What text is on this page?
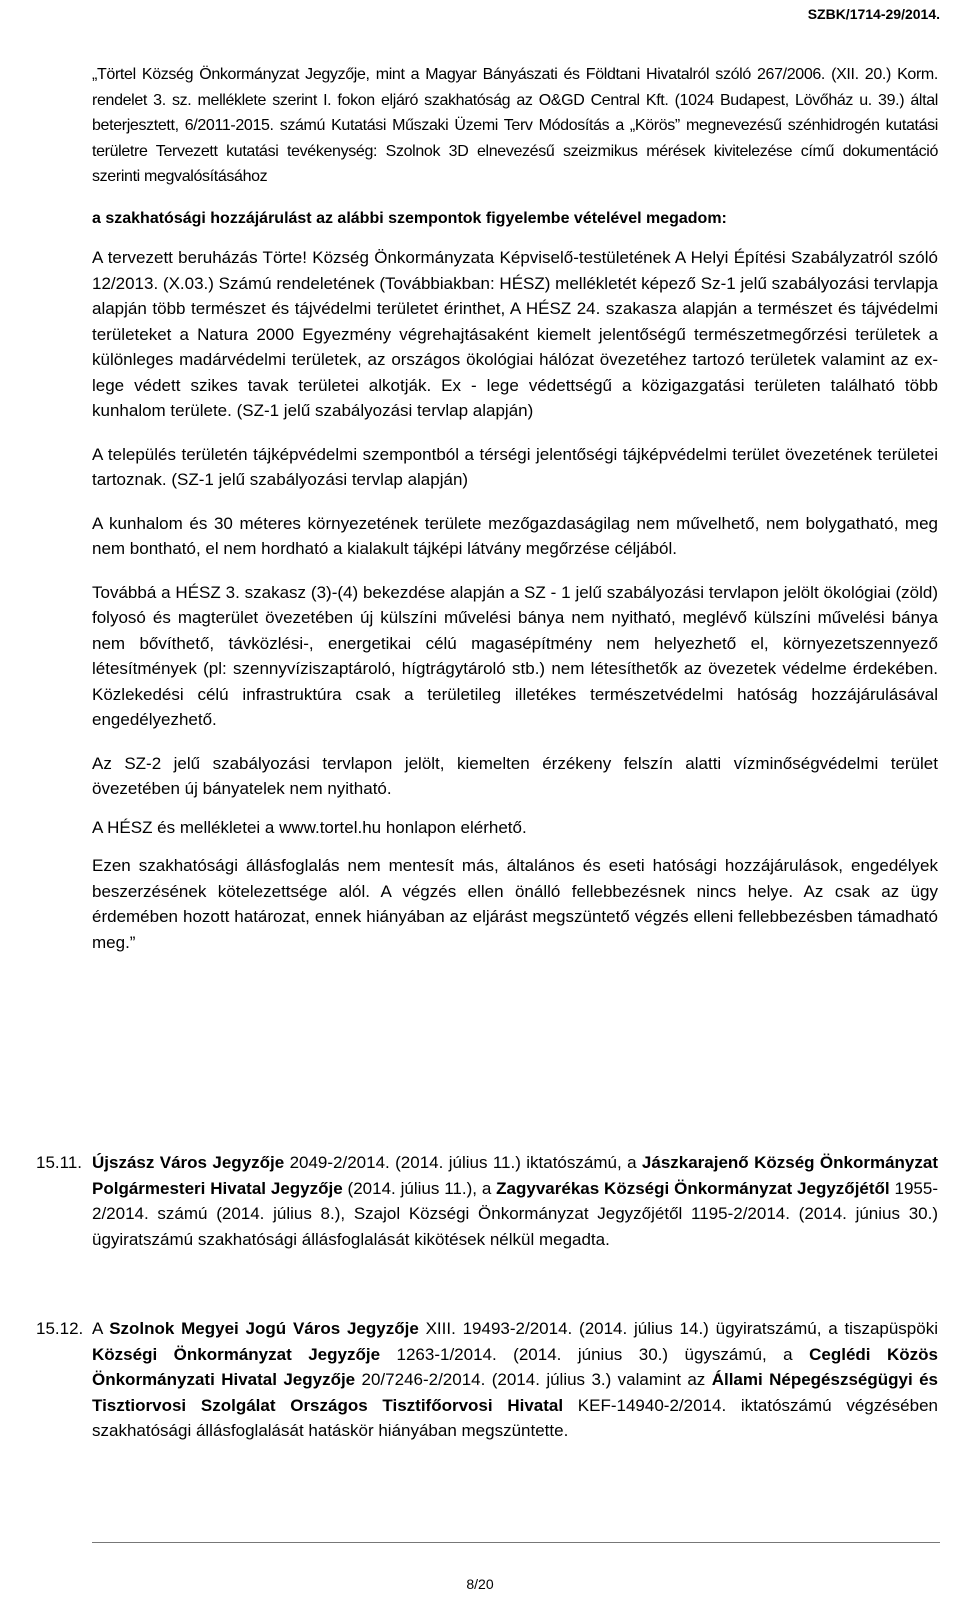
SZBK/1714-29/2014.

„Törtel Község Önkormányzat Jegyzője, mint a Magyar Bányászati és Földtani Hivatalról szóló 267/2006. (XII. 20.) Korm. rendelet 3. sz. melléklete szerint I. fokon eljáró szakhatóság az O&GD Central Kft. (1024 Budapest, Lövőház u. 39.) által beterjesztett, 6/2011-2015. számú Kutatási Műszaki Üzemi Terv Módosítás a „Körös” megnevezésű szénhidrogén kutatási területre Tervezett kutatási tevékenység: Szolnok 3D elnevezésű szeizmikus mérések kivitelezése című dokumentáció szerinti megvalósításához

a szakhatósági hozzájárulást az alábbi szempontok figyelembe vételével megadom:

A tervezett beruházás Törte! Község Önkormányzata Képviselő-testületének A Helyi Építési Szabályzatról szóló 12/2013. (X.03.) Számú rendeletének (Továbbiakban: HÉSZ) mellékletét képező Sz-1 jelű szabályozási tervlapja alapján több természet és tájvédelmi területet érinthet, A HÉSZ 24. szakasza alapján a természet és tájvédelmi területeket a Natura 2000 Egyezmény végrehajtásaként kiemelt jelentőségű természetmegőrzési területek a különleges madárvédelmi területek, az országos ökológiai hálózat övezetéhez tartozó területek valamint az ex-lege védett szikes tavak területei alkotják. Ex - lege védettségű a közigazgatási területen található több kunhalom területe. (SZ-1 jelű szabályozási tervlap alapján)

A település területén tájképvédelmi szempontból a térségi jelentőségi tájképvédelmi terület övezetének területei tartoznak. (SZ-1 jelű szabályozási tervlap alapján)

A kunhalom és 30 méteres környezetének területe mezőgazdaságilag nem művelhető, nem bolygatható, meg nem bontható, el nem hordható a kialakult tájképi látvány megőrzése céljából.

Továbbá a HÉSZ 3. szakasz (3)-(4) bekezdése alapján a SZ - 1 jelű szabályozási tervlapon jelölt ökológiai (zöld) folyosó és magterület övezetében új külszíni művelési bánya nem nyitható, meglévő külszíni művelési bánya nem bővíthető, távközlési-, energetikai célú magasépítmény nem helyezhető el, környezetszennyező létesítmények (pl: szennyvíziszaptároló, hígtrágytároló stb.) nem létesíthetők az övezetek védelme érdekében. Közlekedési célú infrastruktúra csak a területileg illetékes természetvédelmi hatóság hozzájárulásával engedélyezhető.

Az SZ-2 jelű szabályozási tervlapon jelölt, kiemelten érzékeny felszín alatti vízminőségvédelmi terület övezetében új bányatelek nem nyitható.

A HÉSZ és mellékletei a www.tortel.hu honlapon elérhető.

Ezen szakhatósági állásfoglalás nem mentesít más, általános és eseti hatósági hozzájárulások, engedélyek beszerzésének kötelezettsége alól. A végzés ellen önálló fellebbezésnek nincs helye. Az csak az ügy érdemében hozott határozat, ennek hiányában az eljárást megszüntető végzés elleni fellebbezésben támadható meg.”

15.11. Újszász Város Jegyzője 2049-2/2014. (2014. július 11.) iktatószámú, a Jászkarajenő Község Önkormányzat Polgármesteri Hivatal Jegyzője (2014. július 11.), a Zagyvarékas Községi Önkormányzat Jegyzőjétől 1955-2/2014. számú (2014. július 8.), Szajol Községi Önkormányzat Jegyzőjétől 1195-2/2014. (2014. június 30.) ügyiratszámú szakhatósági állásfoglalását kikötések nélkül megadta.
15.12. A Szolnok Megyei Jogú Város Jegyzője XIII. 19493-2/2014. (2014. július 14.) ügyiratszámú, a tiszapüspöki Községi Önkormányzat Jegyzője 1263-1/2014. (2014. június 30.) ügyszámú, a Ceglédi Közös Önkormányzati Hivatal Jegyzője 20/7246-2/2014. (2014. július 3.) valamint az Állami Népegészségügyi és Tisztiorvosi Szolgálat Országos Tisztifőorvosi Hivatal KEF-14940-2/2014. iktatószámú végzésében szakhatósági állásfoglalását hatáskör hiányában megszüntette.
8/20
